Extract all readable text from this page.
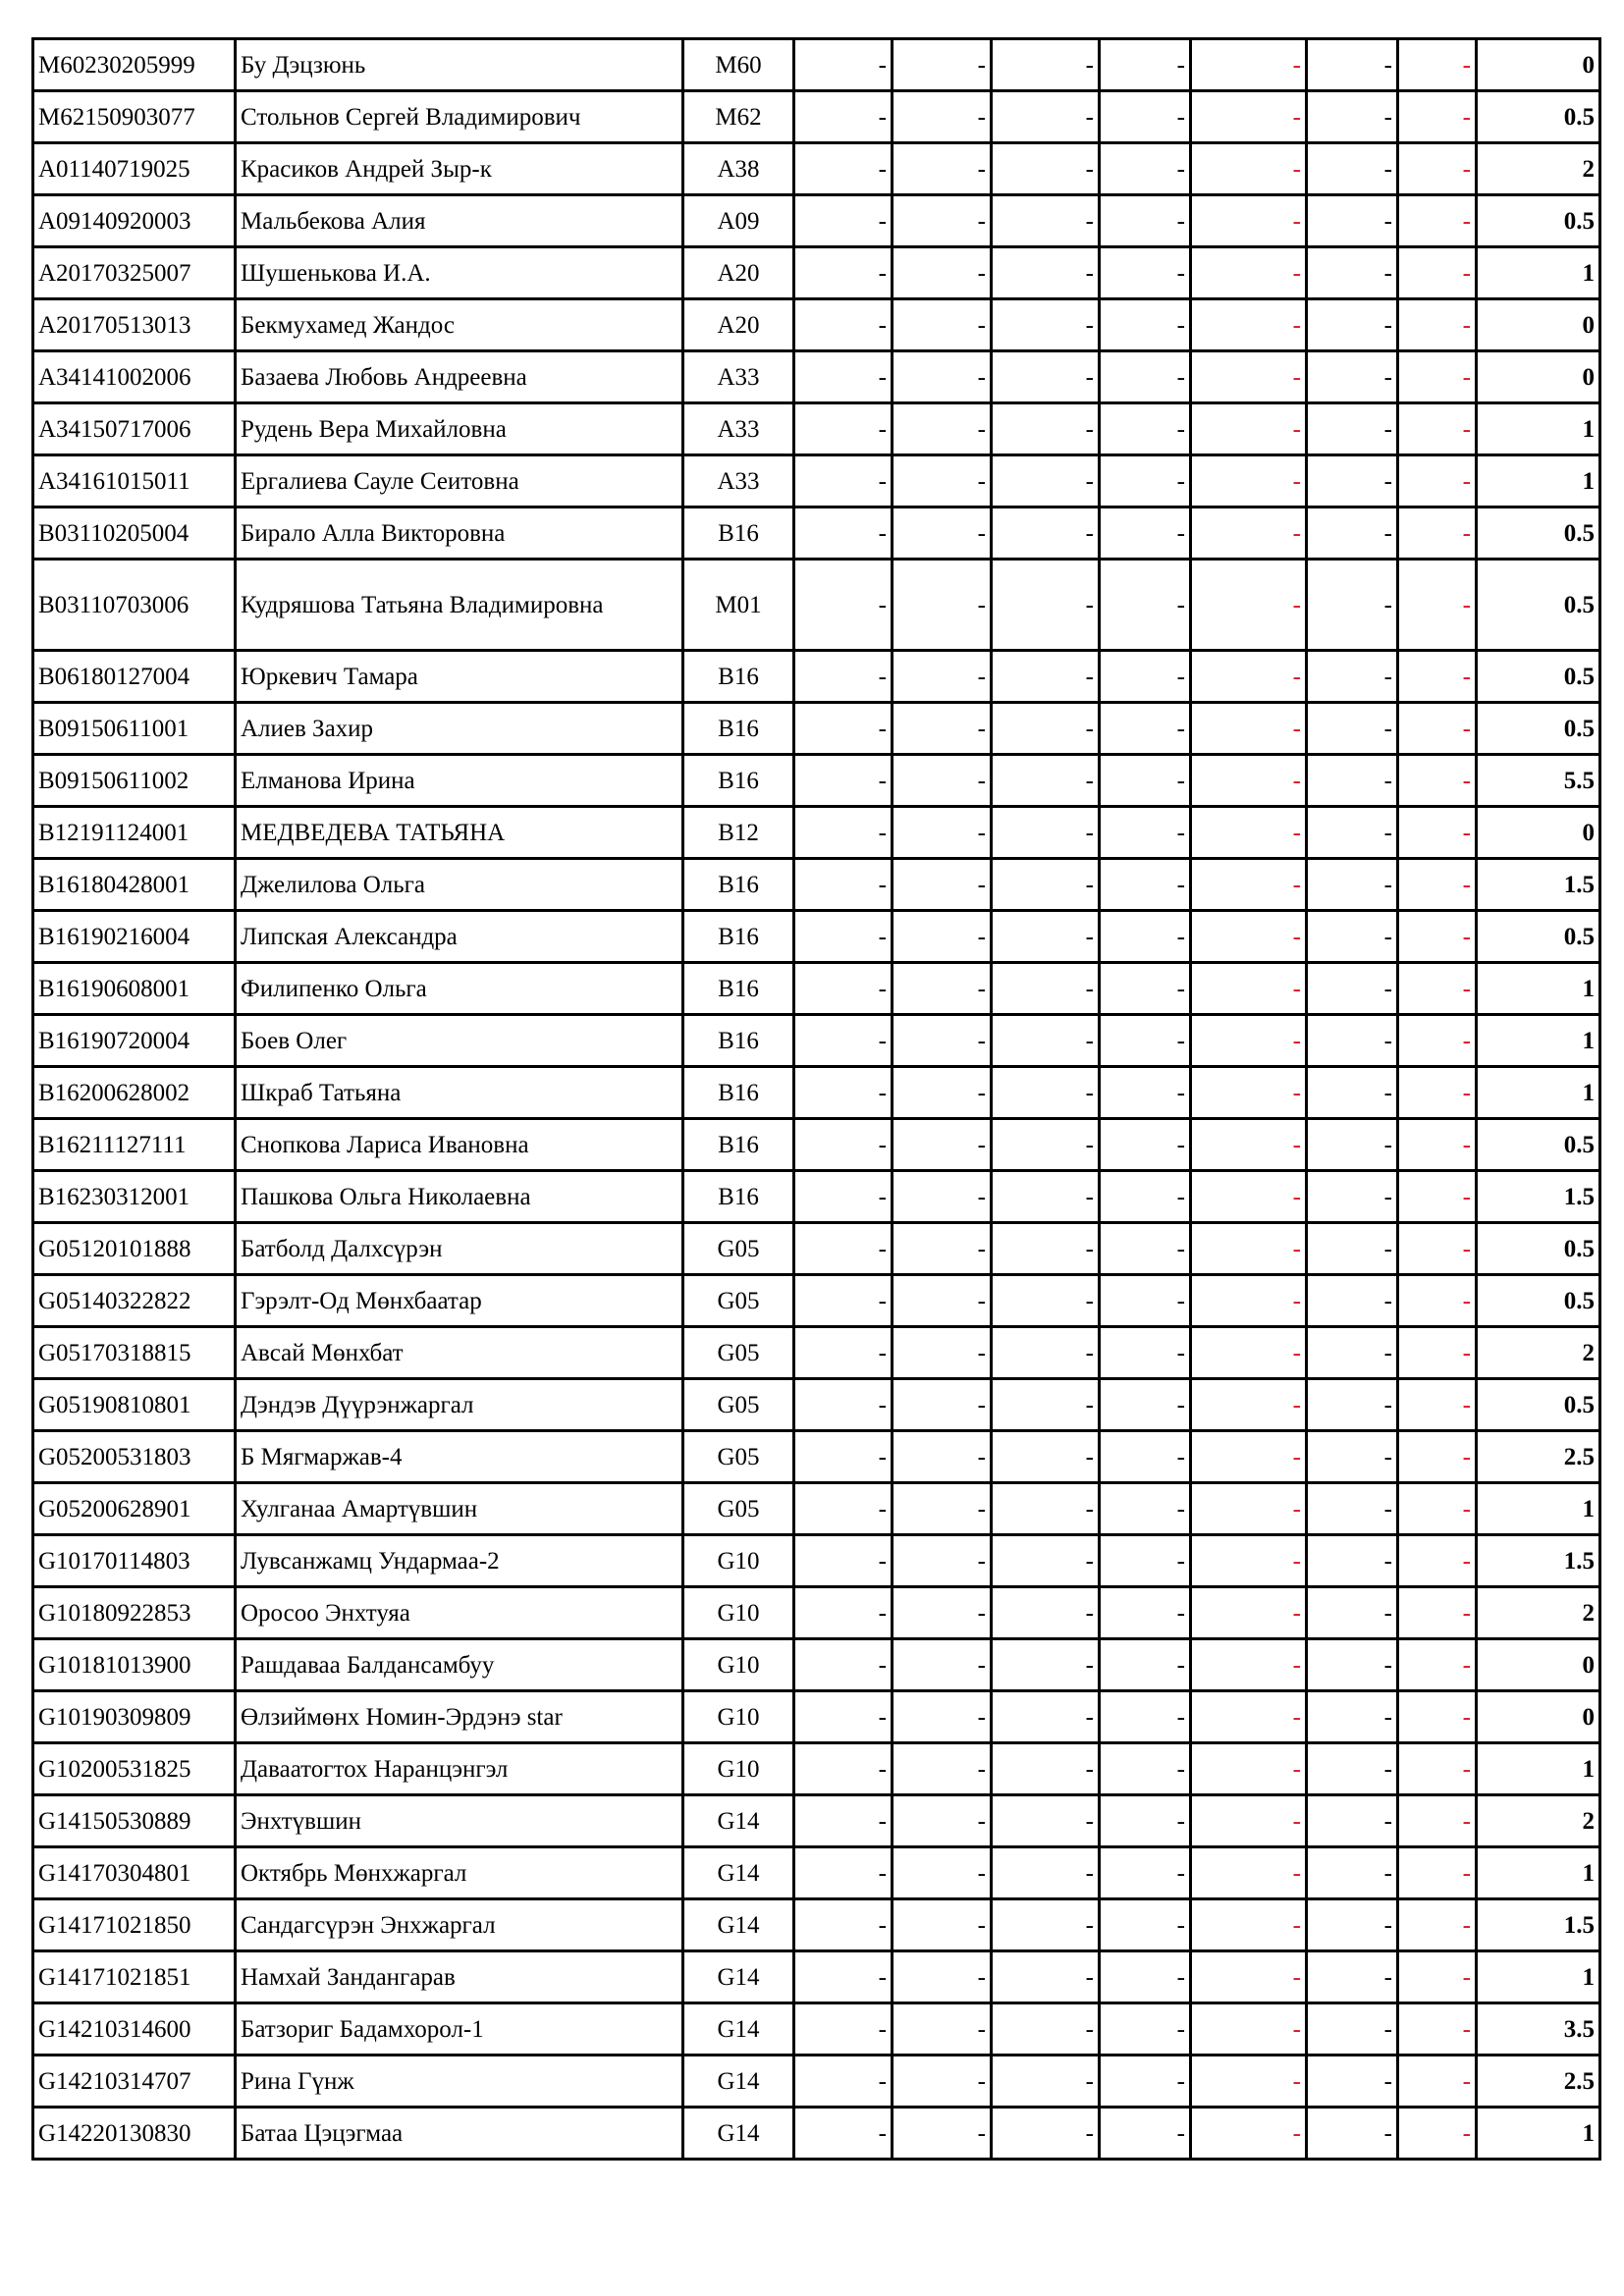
M60230205999	Бу Дэцзюнь	M60	-	-	-	-	-	-	-	0
M62150903077	Стольнов Сергей Владимирович	M62	-	-	-	-	-	-	-	0.5
A01140719025	Красиков Андрей Зыр-к	A38	-	-	-	-	-	-	-	2
A09140920003	Мальбекова Алия	A09	-	-	-	-	-	-	-	0.5
A20170325007	Шушенькова И.А.	A20	-	-	-	-	-	-	-	1
A20170513013	Бекмухамед Жандос	A20	-	-	-	-	-	-	-	0
A34141002006	Базаева Любовь Андреевна	A33	-	-	-	-	-	-	-	0
A34150717006	Рудень Вера Михайловна	A33	-	-	-	-	-	-	-	1
A34161015011	Ергалиева Сауле Сеитовна	A33	-	-	-	-	-	-	-	1
B03110205004	Бирало Алла Викторовна	B16	-	-	-	-	-	-	-	0.5
B03110703006	Кудряшова Татьяна Владимировна	M01	-	-	-	-	-	-	-	0.5
B06180127004	Юркевич Тамара	B16	-	-	-	-	-	-	-	0.5
B09150611001	Алиев Захир	B16	-	-	-	-	-	-	-	0.5
B09150611002	Елманова Ирина	B16	-	-	-	-	-	-	-	5.5
B12191124001	МЕДВЕДЕВА ТАТЬЯНА	B12	-	-	-	-	-	-	-	0
B16180428001	Джелилова Ольга	B16	-	-	-	-	-	-	-	1.5
B16190216004	Липская Александра	B16	-	-	-	-	-	-	-	0.5
B16190608001	Филипенко Ольга	B16	-	-	-	-	-	-	-	1
B16190720004	Боев Олег	B16	-	-	-	-	-	-	-	1
B16200628002	Шкраб Татьяна	B16	-	-	-	-	-	-	-	1
B16211127111	Снопкова Лариса Ивановна	B16	-	-	-	-	-	-	-	0.5
B16230312001	Пашкова Ольга Николаевна	B16	-	-	-	-	-	-	-	1.5
G05120101888	Батболд Далхсүрэн	G05	-	-	-	-	-	-	-	0.5
G05140322822	Гэрэлт-Од Мөнхбаатар	G05	-	-	-	-	-	-	-	0.5
G05170318815	Авсай Мөнхбат	G05	-	-	-	-	-	-	-	2
G05190810801	Дэндэв Дүүрэнжаргал	G05	-	-	-	-	-	-	-	0.5
G05200531803	Б Мягмаржав-4	G05	-	-	-	-	-	-	-	2.5
G05200628901	Хулганаа Амартүвшин	G05	-	-	-	-	-	-	-	1
G10170114803	Лувсанжамц Ундармаа-2	G10	-	-	-	-	-	-	-	1.5
G10180922853	Оросоо Энхтуяа	G10	-	-	-	-	-	-	-	2
G10181013900	Рашдаваа Балдансамбуу	G10	-	-	-	-	-	-	-	0
G10190309809	Өлзиймөнх Номин-Эрдэнэ star	G10	-	-	-	-	-	-	-	0
G10200531825	Даваатогтох Наранцэнгэл	G10	-	-	-	-	-	-	-	1
G14150530889	Энхтүвшин	G14	-	-	-	-	-	-	-	2
G14170304801	Октябрь Мөнхжаргал	G14	-	-	-	-	-	-	-	1
G14171021850	Сандагсүрэн Энхжаргал	G14	-	-	-	-	-	-	-	1.5
G14171021851	Намхай Зандангарав	G14	-	-	-	-	-	-	-	1
G14210314600	Батзориг Бадамхорол-1	G14	-	-	-	-	-	-	-	3.5
G14210314707	Рина Гүнж	G14	-	-	-	-	-	-	-	2.5
G14220130830	Батаа Цэцэгмаа	G14	-	-	-	-	-	-	-	1
